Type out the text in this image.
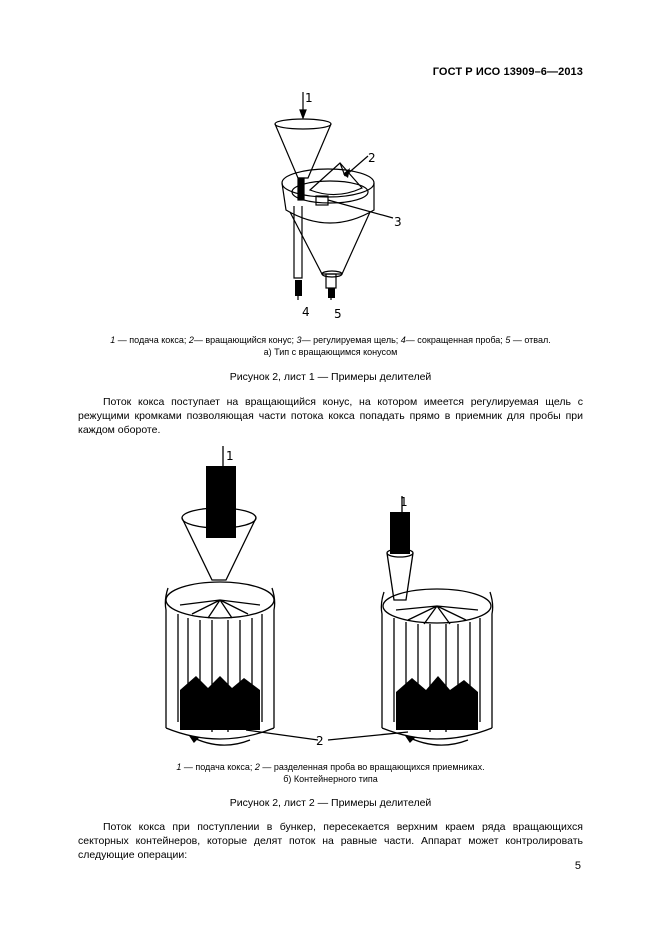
ГОСТ Р ИСО 13909–6—2013
1
2
3
4 5
1 — подача кокса; 2— вращающийся конус; 3— регулируемая щель; 4— сокращенная проба; 5 — отвал.
а) Тип с вращающимся конусом
Рисунок 2, лист 1 — Примеры делителей

Поток кокса поступает на вращающийся конус, на котором имеется регулируемая щель с режущими кромками позволяющая части потока кокса попадать прямо в приемник для пробы при каждом обороте.

1
1
2
1 — подача кокса; 2 — разделенная проба во вращающихся приемниках.
б) Контейнерного типа
Рисунок 2, лист 2 — Примеры делителей

Поток кокса при поступлении в бункер, пересекается верхним краем ряда вращающихся секторных контейнеров, которые делят поток на равные части. Аппарат может контролировать следующие операции:

5
